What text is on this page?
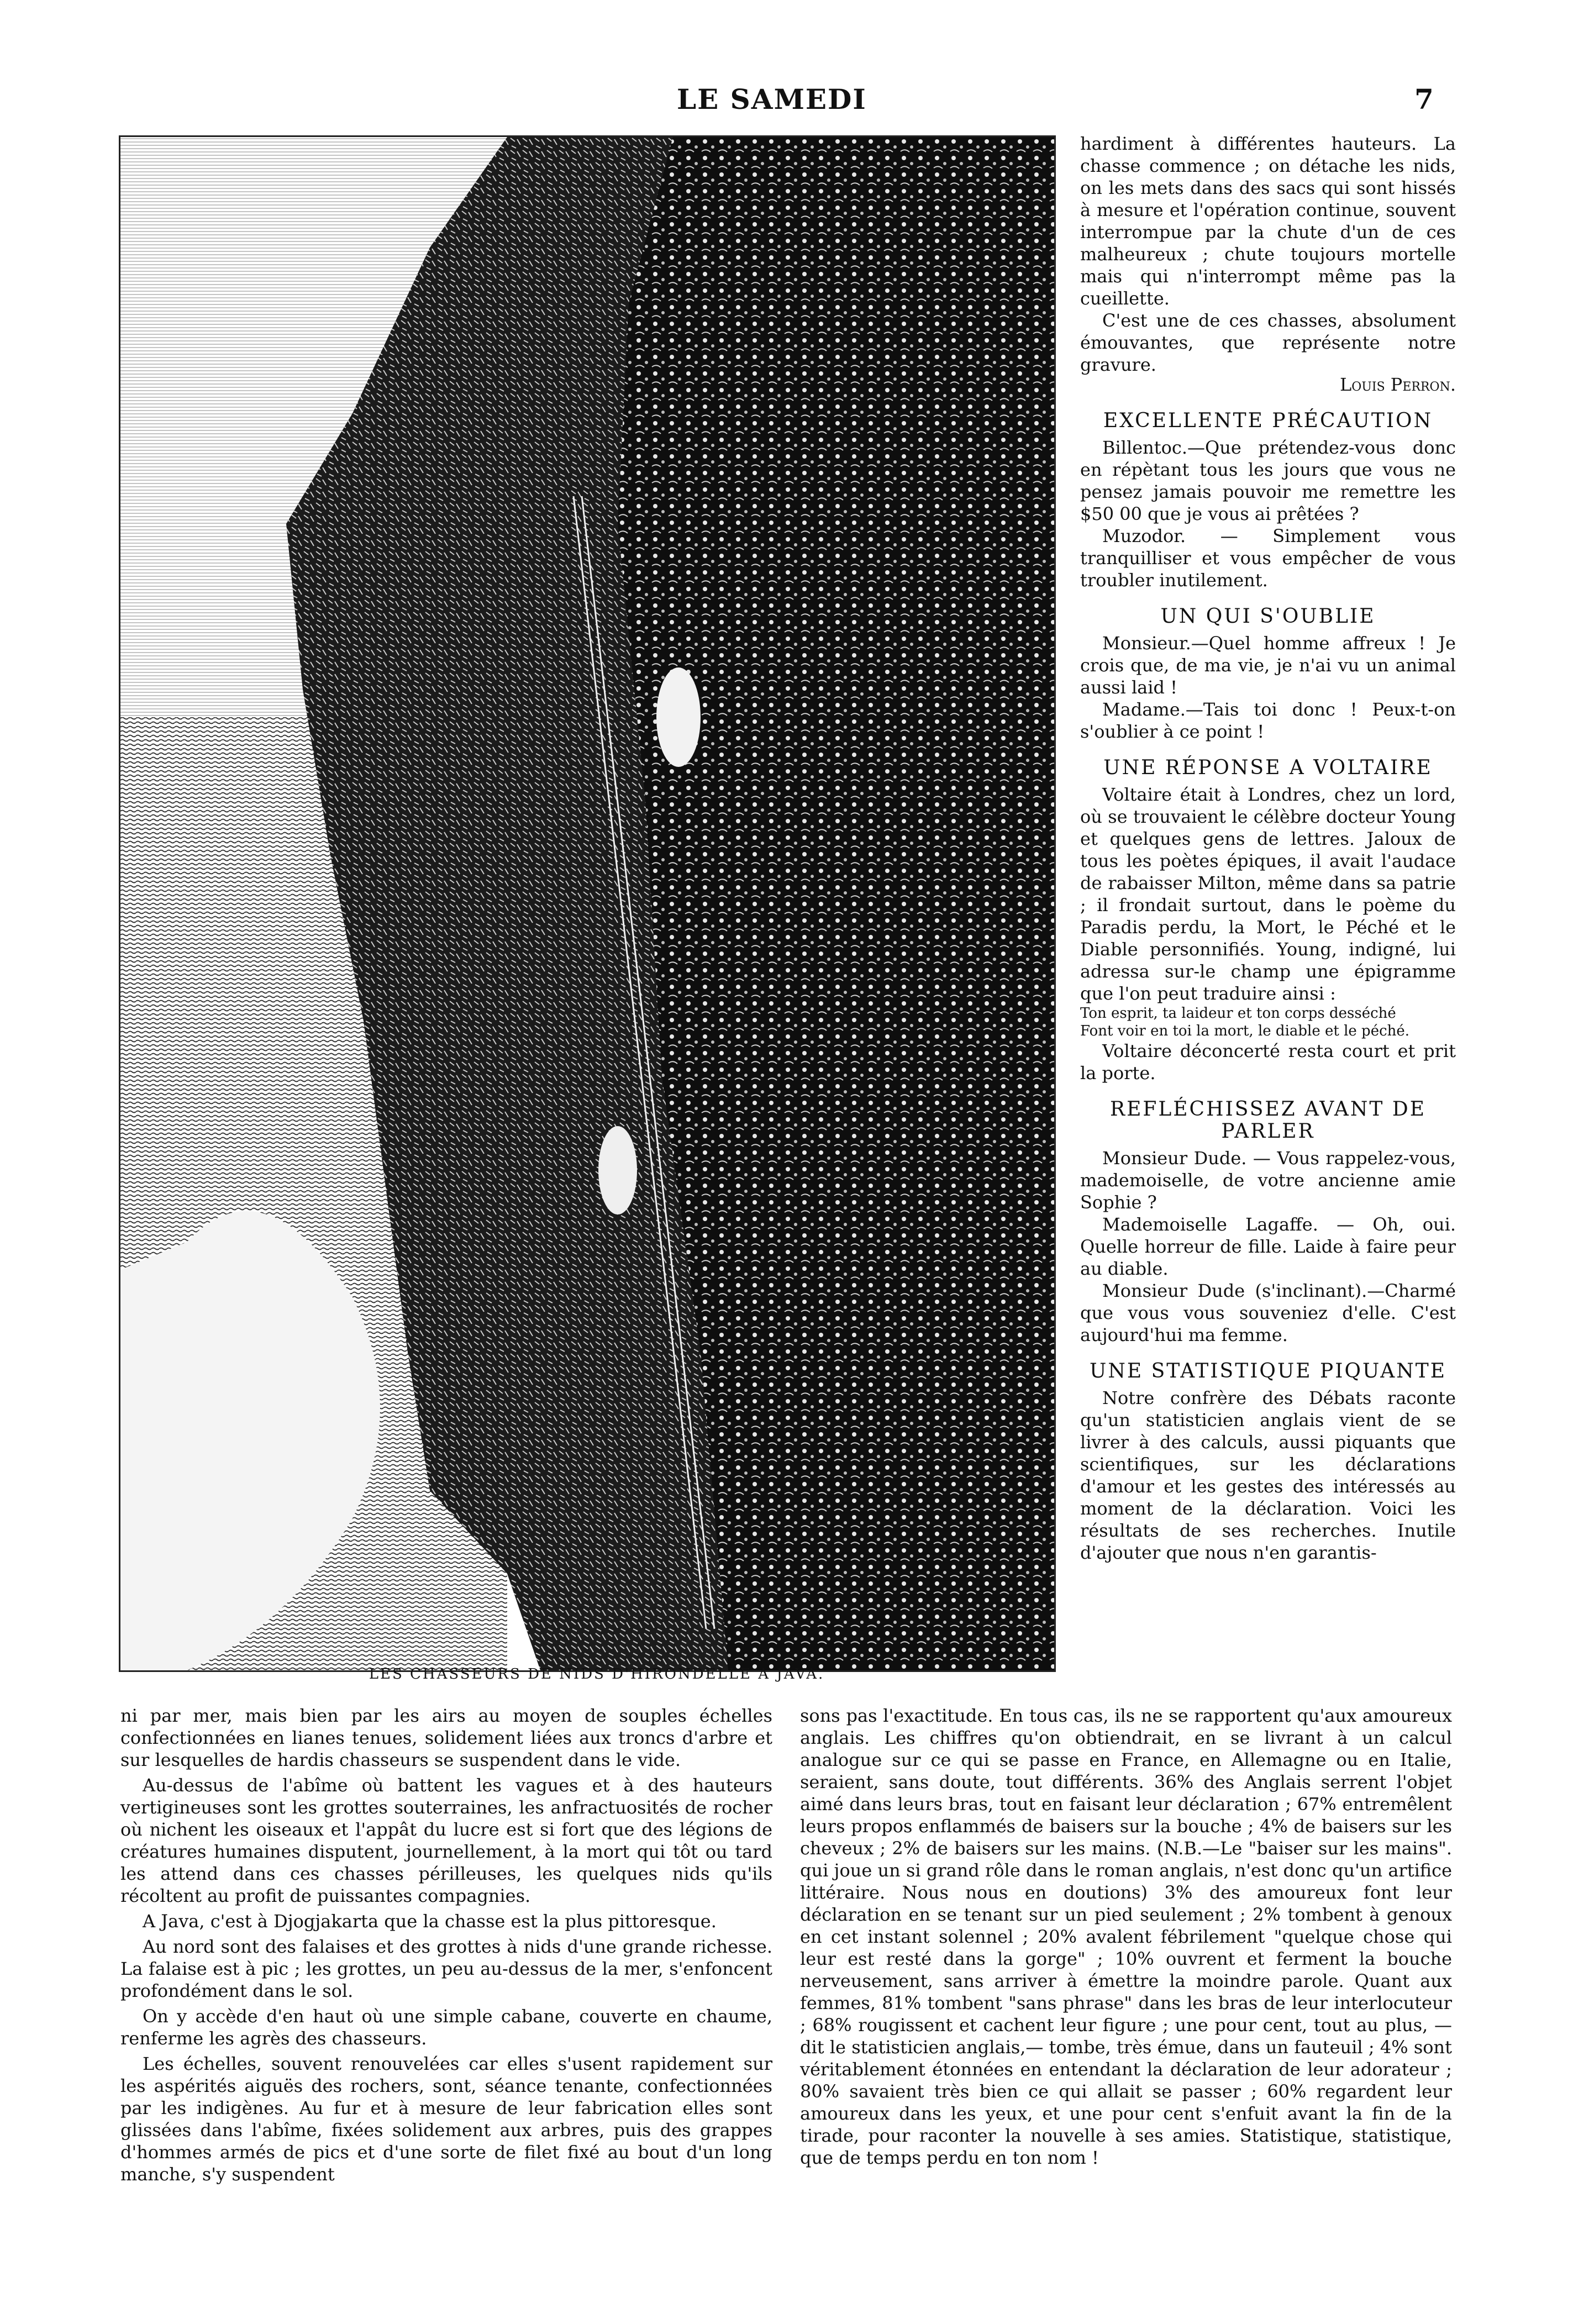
LE SAMEDI	7
LES CHASSEURS DE NIDS D'HIRONDELLE A JAVA.

hardiment à différentes hauteurs. La chasse commence ; on détache les nids, on les mets dans des sacs qui sont hissés à mesure et l'opération continue, souvent interrompue par la chute d'un de ces malheureux ; chute toujours mortelle mais qui n'interrompt même pas la cueillette.

C'est une de ces chasses, absolument émouvantes, que représente notre gravure.

Louis Perron.

EXCELLENTE PRÉCAUTION

Billentoc.—Que prétendez-vous donc en répètant tous les jours que vous ne pensez jamais pouvoir me remettre les $50 00 que je vous ai prêtées ?

Muzodor. — Simplement vous tranquilliser et vous empêcher de vous troubler inutilement.

UN QUI S'OUBLIE

Monsieur.—Quel homme affreux ! Je crois que, de ma vie, je n'ai vu un animal aussi laid !

Madame.—Tais toi donc ! Peux-t-on s'oublier à ce point !

UNE RÉPONSE A VOLTAIRE

Voltaire était à Londres, chez un lord, où se trouvaient le célèbre docteur Young et quelques gens de lettres. Jaloux de tous les poètes épiques, il avait l'audace de rabaisser Milton, même dans sa patrie ; il frondait surtout, dans le poème du Paradis perdu, la Mort, le Péché et le Diable personnifiés. Young, indigné, lui adressa sur-le champ une épigramme que l'on peut traduire ainsi :

Ton esprit, ta laideur et ton corps desséché

Font voir en toi la mort, le diable et le péché.

Voltaire déconcerté resta court et prit la porte.

REFLÉCHISSEZ AVANT DE PARLER

Monsieur Dude. — Vous rappelez-vous, mademoiselle, de votre ancienne amie Sophie ?

Mademoiselle Lagaffe. — Oh, oui. Quelle horreur de fille. Laide à faire peur au diable.

Monsieur Dude (s'inclinant).—Charmé que vous vous souveniez d'elle. C'est aujourd'hui ma femme.

UNE STATISTIQUE PIQUANTE

Notre confrère des Débats raconte qu'un statisticien anglais vient de se livrer à des calculs, aussi piquants que scientifiques, sur les déclarations d'amour et les gestes des intéressés au moment de la déclaration. Voici les résultats de ses recherches. Inutile d'ajouter que nous n'en garantis-

ni par mer, mais bien par les airs au moyen de souples échelles confectionnées en lianes tenues, solidement liées aux troncs d'arbre et sur lesquelles de hardis chasseurs se suspendent dans le vide.

Au-dessus de l'abîme où battent les vagues et à des hauteurs vertigineuses sont les grottes souterraines, les anfractuosités de rocher où nichent les oiseaux et l'appât du lucre est si fort que des légions de créatures humaines disputent, journellement, à la mort qui tôt ou tard les attend dans ces chasses périlleuses, les quelques nids qu'ils récoltent au profit de puissantes compagnies.

A Java, c'est à Djogjakarta que la chasse est la plus pittoresque.

Au nord sont des falaises et des grottes à nids d'une grande richesse. La falaise est à pic ; les grottes, un peu au-dessus de la mer, s'enfoncent profondément dans le sol.

On y accède d'en haut où une simple cabane, couverte en chaume, renferme les agrès des chasseurs.

Les échelles, souvent renouvelées car elles s'usent rapidement sur les aspérités aiguës des rochers, sont, séance tenante, confectionnées par les indigènes. Au fur et à mesure de leur fabrication elles sont glissées dans l'abîme, fixées solidement aux arbres, puis des grappes d'hommes armés de pics et d'une sorte de filet fixé au bout d'un long manche, s'y suspendent

sons pas l'exactitude. En tous cas, ils ne se rapportent qu'aux amoureux anglais. Les chiffres qu'on obtiendrait, en se livrant à un calcul analogue sur ce qui se passe en France, en Allemagne ou en Italie, seraient, sans doute, tout différents. 36% des Anglais serrent l'objet aimé dans leurs bras, tout en faisant leur déclaration ; 67% entremêlent leurs propos enflammés de baisers sur la bouche ; 4% de baisers sur les cheveux ; 2% de baisers sur les mains. (N.B.—Le "baiser sur les mains". qui joue un si grand rôle dans le roman anglais, n'est donc qu'un artifice littéraire. Nous nous en doutions) 3% des amoureux font leur déclaration en se tenant sur un pied seulement ; 2% tombent à genoux en cet instant solennel ; 20% avalent fébrilement "quelque chose qui leur est resté dans la gorge" ; 10% ouvrent et ferment la bouche nerveusement, sans arriver à émettre la moindre parole. Quant aux femmes, 81% tombent "sans phrase" dans les bras de leur interlocuteur ; 68% rougissent et cachent leur figure ; une pour cent, tout au plus, — dit le statisticien anglais,— tombe, très émue, dans un fauteuil ; 4% sont véritablement étonnées en entendant la déclaration de leur adorateur ; 80% savaient très bien ce qui allait se passer ; 60% regardent leur amoureux dans les yeux, et une pour cent s'enfuit avant la fin de la tirade, pour raconter la nouvelle à ses amies. Statistique, statistique, que de temps perdu en ton nom !
